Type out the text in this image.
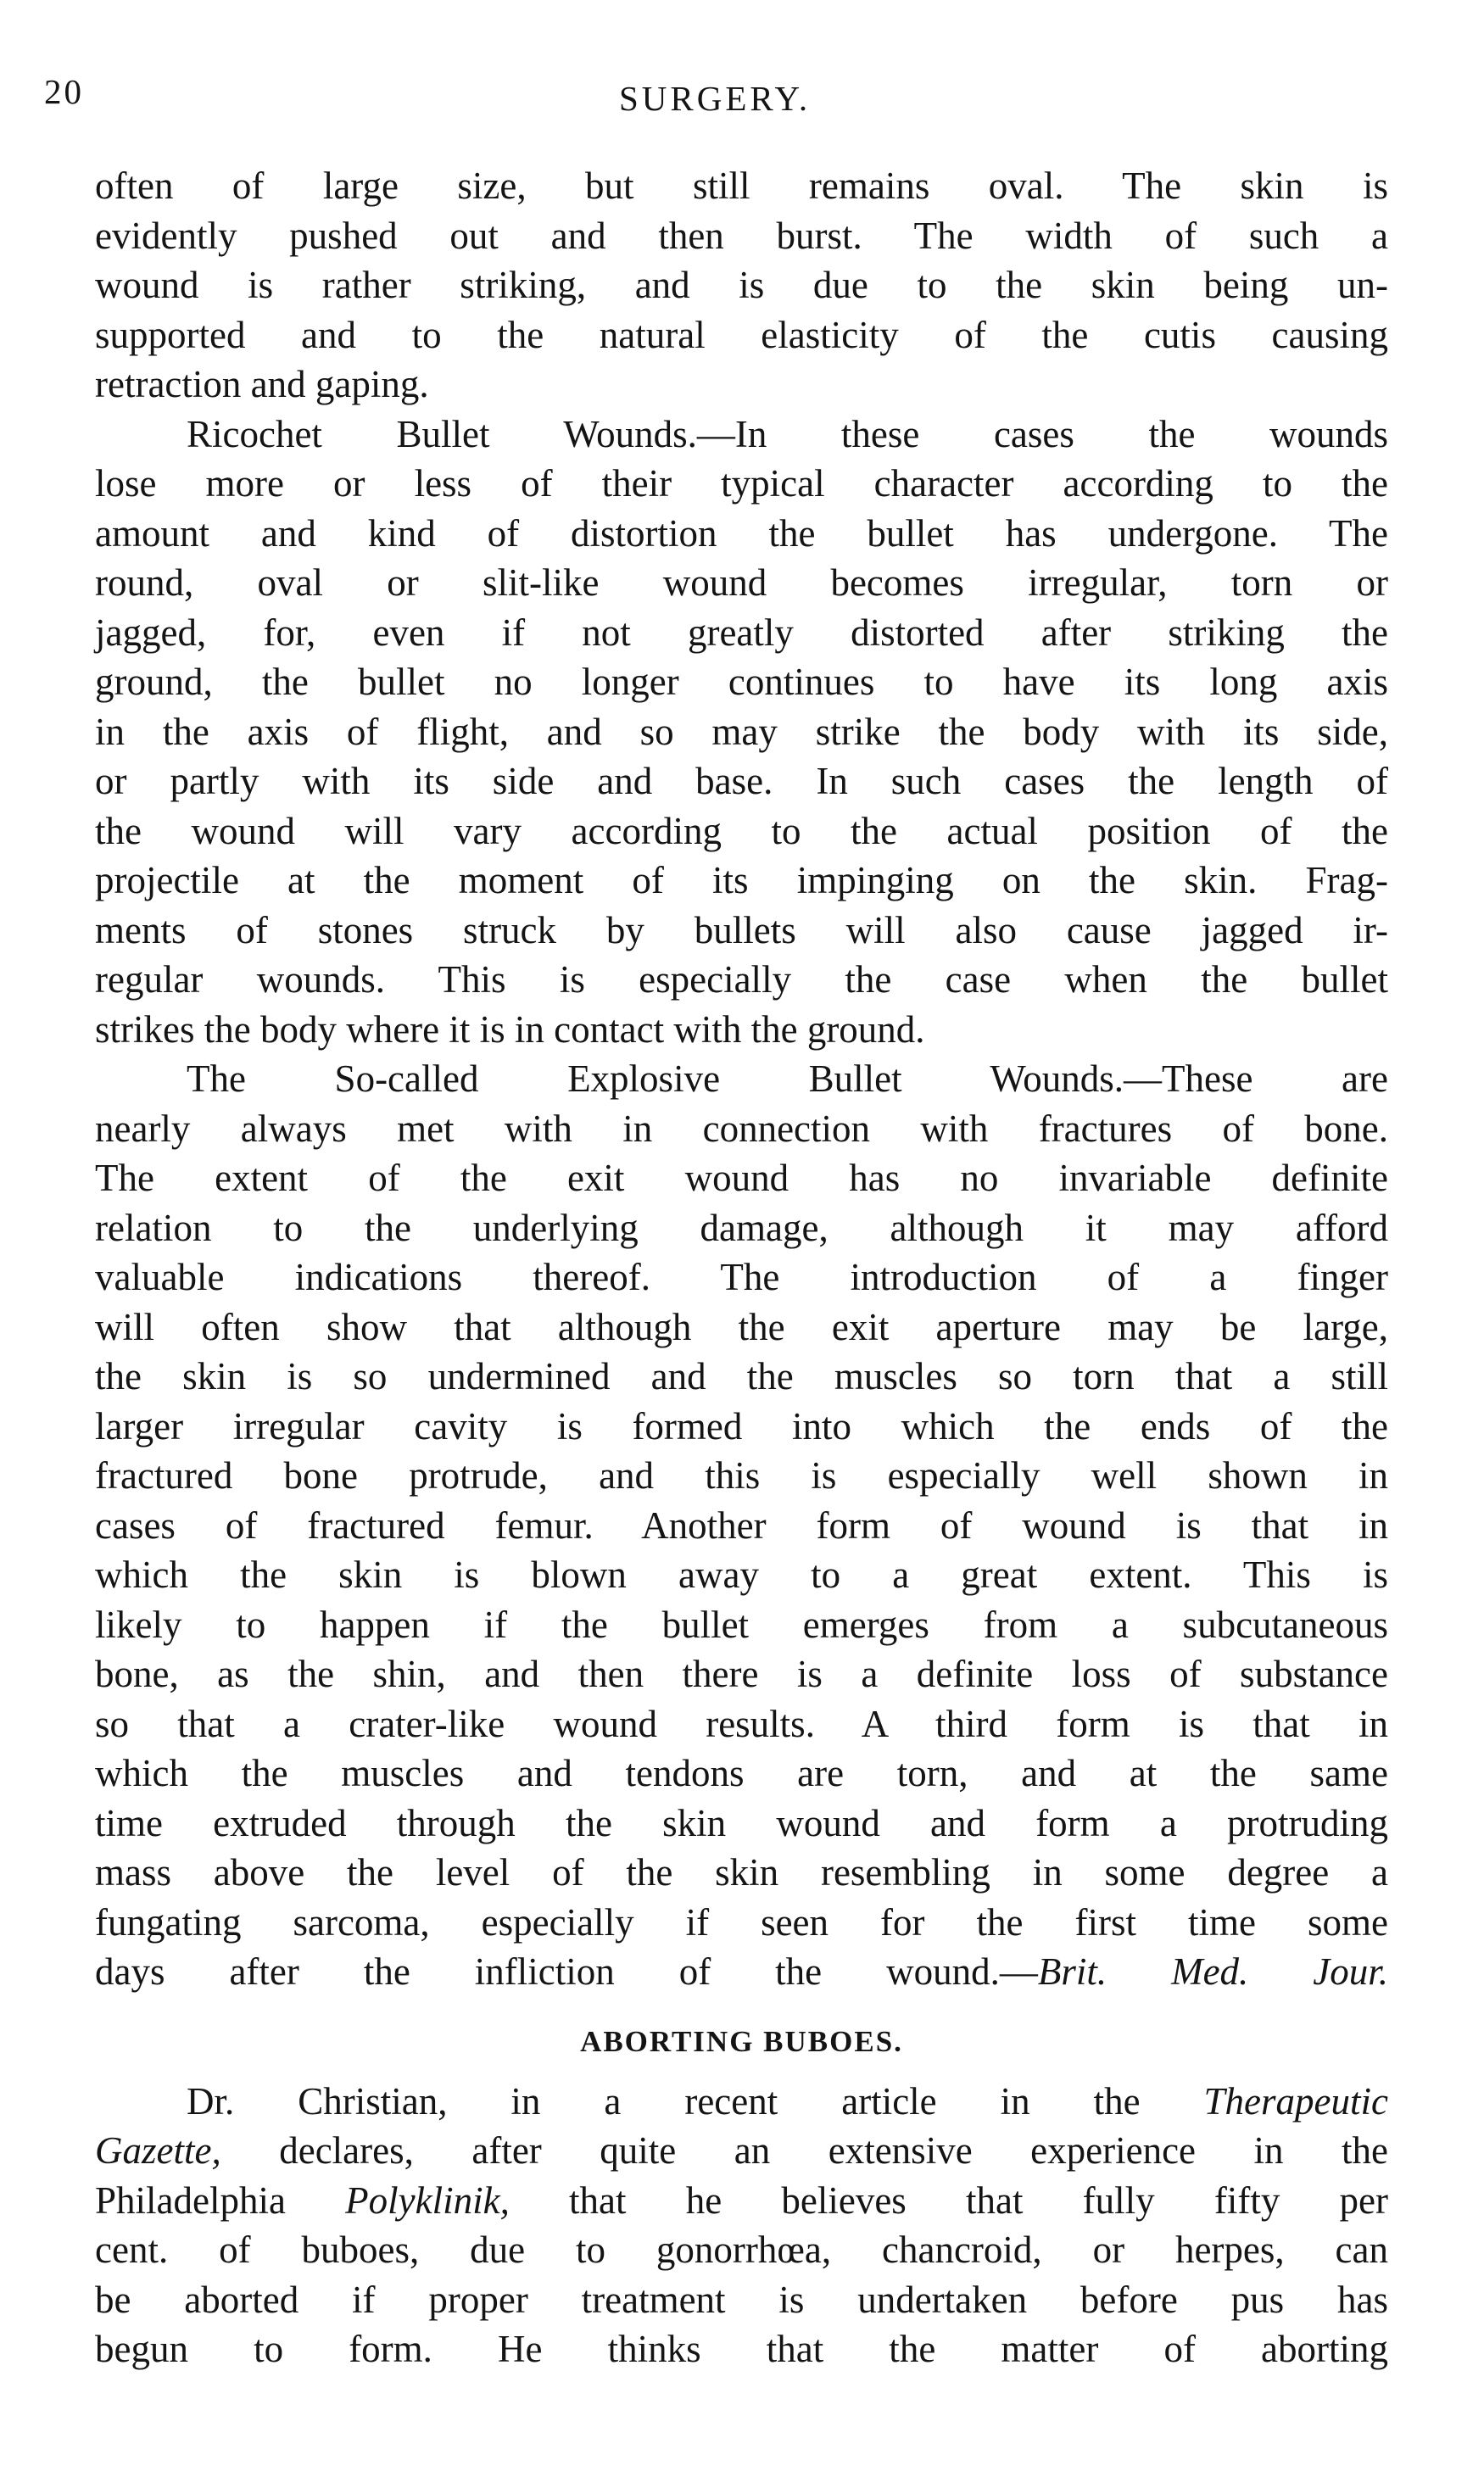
20	SURGERY.
often of large size, but still remains oval. The skin is
evidently pushed out and then burst. The width of such a
wound is rather striking, and is due to the skin being un-
supported and to the natural elasticity of the cutis causing
retraction and gaping.
Ricochet Bullet Wounds.—In these cases the wounds
lose more or less of their typical character according to the
amount and kind of distortion the bullet has undergone. The
round, oval or slit-like wound becomes irregular, torn or
jagged, for, even if not greatly distorted after striking the
ground, the bullet no longer continues to have its long axis
in the axis of flight, and so may strike the body with its side,
or partly with its side and base. In such cases the length of
the wound will vary according to the actual position of the
projectile at the moment of its impinging on the skin. Frag-
ments of stones struck by bullets will also cause jagged ir-
regular wounds. This is especially the case when the bullet
strikes the body where it is in contact with the ground.
The So-called Explosive Bullet Wounds.—These are
nearly always met with in connection with fractures of bone.
The extent of the exit wound has no invariable definite
relation to the underlying damage, although it may afford
valuable indications thereof. The introduction of a finger
will often show that although the exit aperture may be large,
the skin is so undermined and the muscles so torn that a still
larger irregular cavity is formed into which the ends of the
fractured bone protrude, and this is especially well shown in
cases of fractured femur. Another form of wound is that in
which the skin is blown away to a great extent. This is
likely to happen if the bullet emerges from a subcutaneous
bone, as the shin, and then there is a definite loss of substance
so that a crater-like wound results. A third form is that in
which the muscles and tendons are torn, and at the same
time extruded through the skin wound and form a protruding
mass above the level of the skin resembling in some degree a
fungating sarcoma, especially if seen for the first time some
days after the infliction of the wound.—Brit. Med. Jour.
ABORTING BUBOES.
Dr. Christian, in a recent article in the Therapeutic
Gazette, declares, after quite an extensive experience in the
Philadelphia Polyklinik, that he believes that fully fifty per
cent. of buboes, due to gonorrhœa, chancroid, or herpes, can
be aborted if proper treatment is undertaken before pus has
begun to form. He thinks that the matter of aborting
